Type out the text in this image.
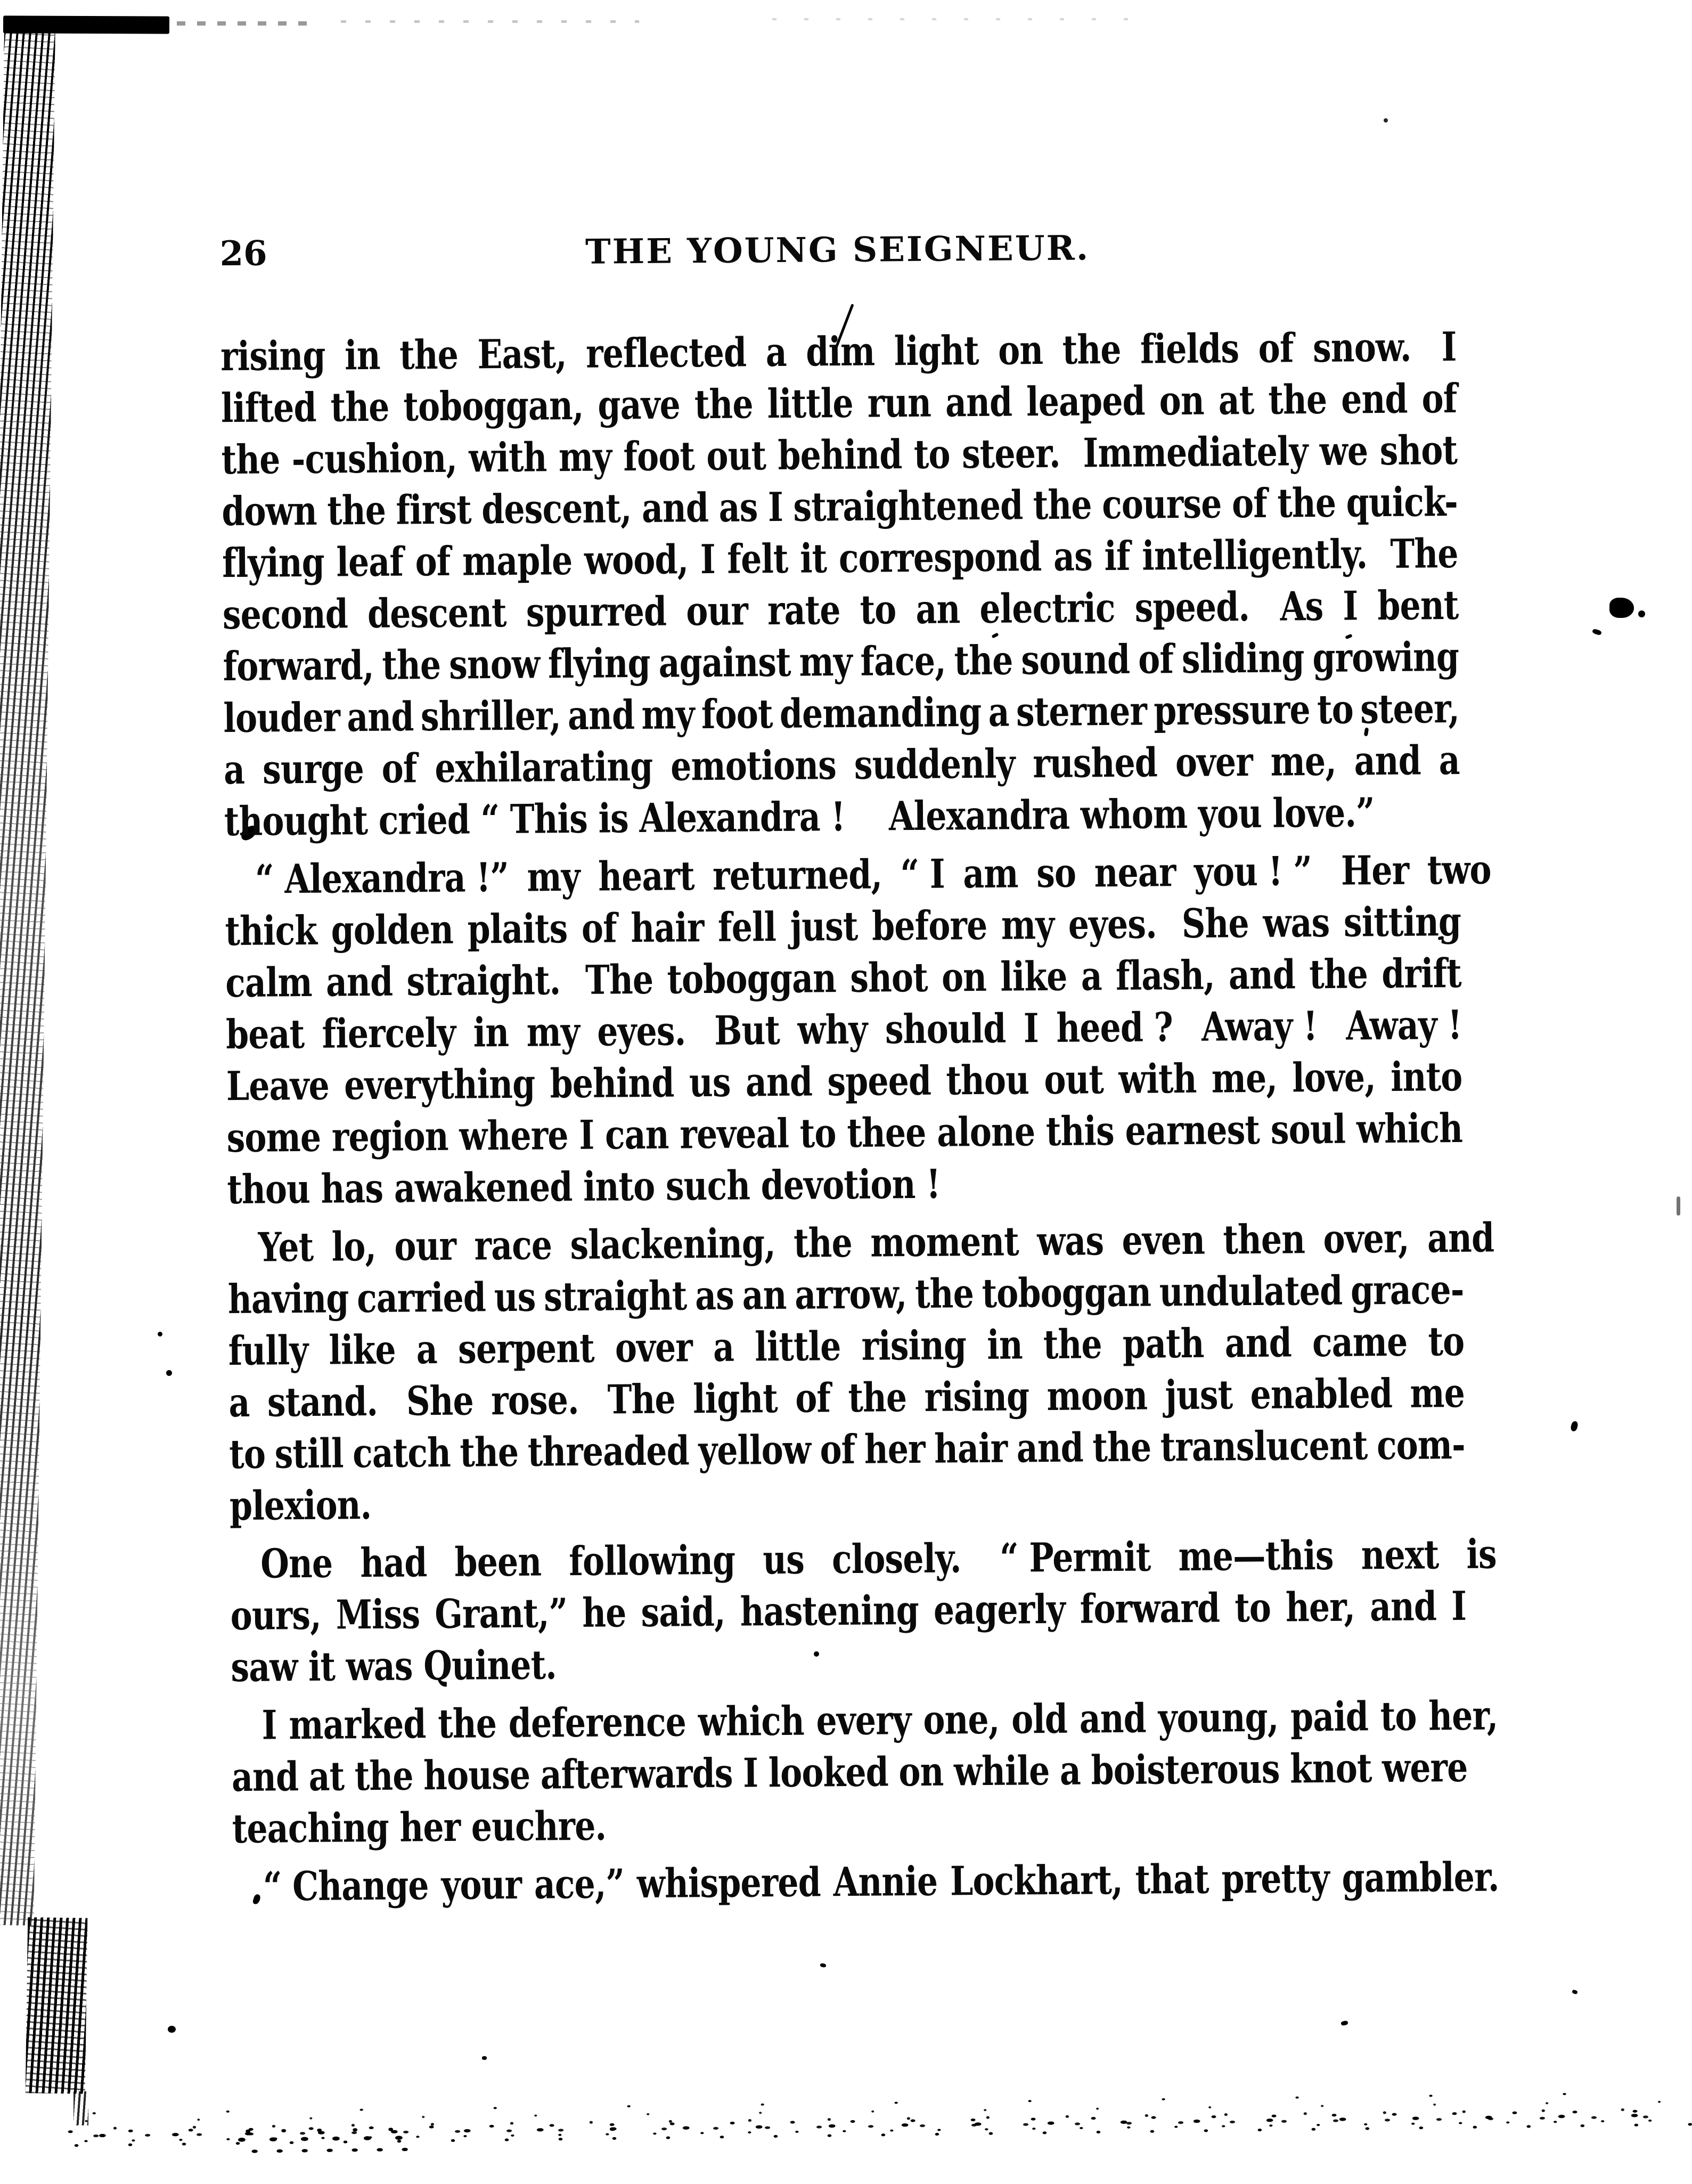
26	THE YOUNG SEIGNEUR.
rising in the East, reflected a dim light on the fields of snow. I
lifted the toboggan, gave the little run and leaped on at the end of
the -cushion, with my foot out behind to steer. Immediately we shot
down the first descent, and as I straightened the course of the quick-
flying leaf of maple wood, I felt it correspond as if intelligently. The
second descent spurred our rate to an electric speed. As I bent
forward, the snow flying against my face, the sound of sliding growing
louder and shriller, and my foot demanding a sterner pressure to steer,
a surge of exhilarating emotions suddenly rushed over me, and a
thought cried “ This is Alexandra !    Alexandra whom you love.”
“ Alexandra !” my heart returned, “ I am so near you ! ” Her two
thick golden plaits of hair fell just before my eyes. She was sitting
calm and straight. The toboggan shot on like a flash, and the drift
beat fiercely in my eyes. But why should I heed ? Away ! Away !
Leave everything behind us and speed thou out with me, love, into
some region where I can reveal to thee alone this earnest soul which
thou has awakened into such devotion !
Yet lo, our race slackening, the moment was even then over, and
having carried us straight as an arrow, the toboggan undulated grace-
fully like a serpent over a little rising in the path and came to
a stand. She rose. The light of the rising moon just enabled me
to still catch the threaded yellow of her hair and the translucent com-
plexion.
One had been following us closely. “ Permit me—this next is
ours, Miss Grant,” he said, hastening eagerly forward to her, and I
saw it was Quinet.
I marked the deference which every one, old and young, paid to her,
and at the house afterwards I looked on while a boisterous knot were
teaching her euchre.
“ Change your ace,” whispered Annie Lockhart, that pretty gambler.
